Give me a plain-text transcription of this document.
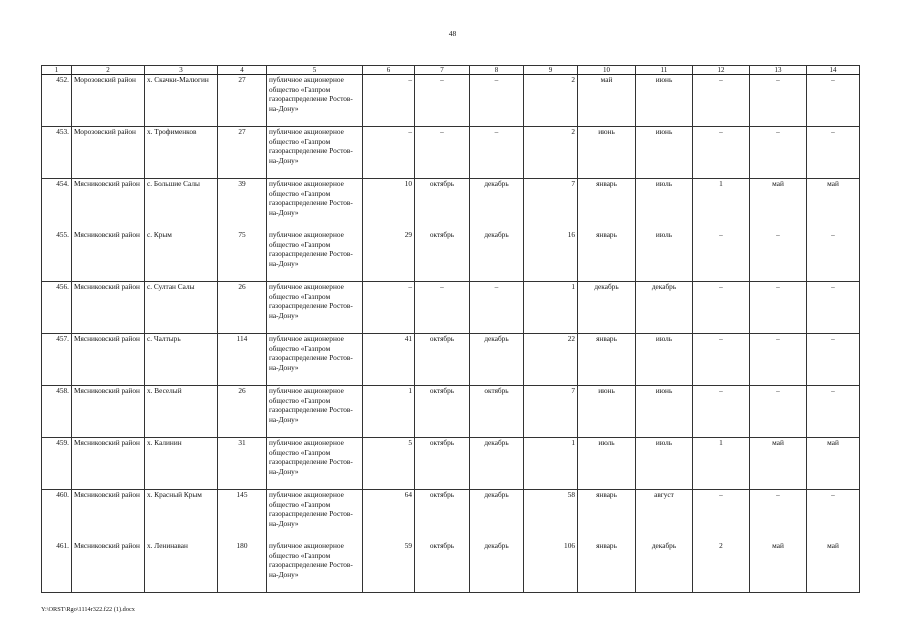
48
1	2	3	4	5	6	7	8	9	10	11	12	13	14
452.	Морозовский район	х. Скачки-Малюгин	27	публичное акционерное общество «Газпром газораспределение Ростов-на-Дону»	–	–	–	2	май	июнь	–	–	–
453.	Морозовский район	х. Трофименков	27	публичное акционерное общество «Газпром газораспределение Ростов-на-Дону»	–	–	–	2	июнь	июнь	–	–	–
454.	Мясниковский район	с. Большие Салы	39	публичное акционерное общество «Газпром газораспределение Ростов-на-Дону»	10	октябрь	декабрь	7	январь	июль	1	май	май
455.	Мясниковский район	с. Крым	75	публичное акционерное общество «Газпром газораспределение Ростов-на-Дону»	29	октябрь	декабрь	16	январь	июль	–	–	–
456.	Мясниковский район	с. Султан Салы	26	публичное акционерное общество «Газпром газораспределение Ростов-на-Дону»	–	–	–	1	декабрь	декабрь	–	–	–
457.	Мясниковский район	с. Чалтырь	114	публичное акционерное общество «Газпром газораспределение Ростов-на-Дону»	41	октябрь	декабрь	22	январь	июль	–	–	–
458.	Мясниковский район	х. Веселый	26	публичное акционерное общество «Газпром газораспределение Ростов-на-Дону»	1	октябрь	октябрь	7	июнь	июнь	–	–	–
459.	Мясниковский район	х. Калинин	31	публичное акционерное общество «Газпром газораспределение Ростов-на-Дону»	5	октябрь	декабрь	1	июль	июль	1	май	май
460.	Мясниковский район	х. Красный Крым	145	публичное акционерное общество «Газпром газораспределение Ростов-на-Дону»	64	октябрь	декабрь	58	январь	август	–	–	–
461.	Мясниковский район	х. Ленинаван	180	публичное акционерное общество «Газпром газораспределение Ростов-на-Дону»	59	октябрь	декабрь	106	январь	декабрь	2	май	май
Y:\ORST\Rgo\1114r322.f22 (1).docx
